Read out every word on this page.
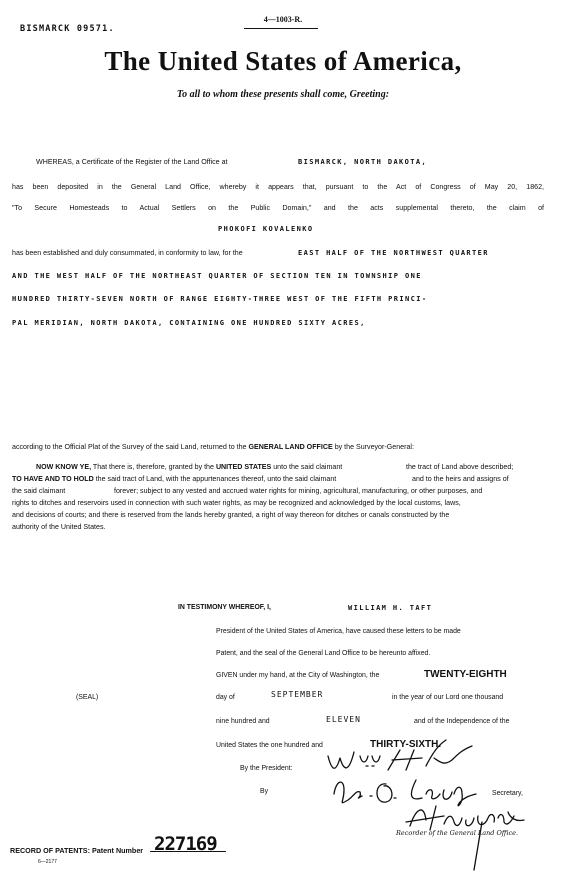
BISMARCK 09571.
4—1003-R.
The United States of America,
To all to whom these presents shall come, Greeting:
WHEREAS, a Certificate of the Register of the Land Office at	BISMARCK, NORTH DAKOTA,
has been deposited in the General Land Office, whereby it appears that, pursuant to the Act of Congress of May 20, 1862,
"To Secure Homesteads to Actual Settlers on the Public Domain," and the acts supplemental thereto, the claim of
PHOKOFI KOVALENKO
has been established and duly consummated, in conformity to law, for the	EAST HALF OF THE NORTHWEST QUARTER
AND THE WEST HALF OF THE NORTHEAST QUARTER OF SECTION TEN IN TOWNSHIP ONE
HUNDRED THIRTY-SEVEN NORTH OF RANGE EIGHTY-THREE WEST OF THE FIFTH PRINCI-
PAL MERIDIAN, NORTH DAKOTA, CONTAINING ONE HUNDRED SIXTY ACRES,
according to the Official Plat of the Survey of the said Land, returned to the GENERAL LAND OFFICE by the Surveyor-General:
NOW KNOW YE, That there is, therefore, granted by the UNITED STATES unto the said claimant	the tract of Land above described;
TO HAVE AND TO HOLD the said tract of Land, with the appurtenances thereof, unto the said claimant	and to the heirs and assigns of
the said claimant	forever; subject to any vested and accrued water rights for mining, agricultural, manufacturing, or other purposes, and
rights to ditches and reservoirs used in connection with such water rights, as may be recognized and acknowledged by the local customs, laws,
and decisions of courts; and there is reserved from the lands hereby granted, a right of way thereon for ditches or canals constructed by the
authority of the United States.
IN TESTIMONY WHEREOF, I,	WILLIAM H. TAFT
President of the United States of America, have caused these letters to be made
Patent, and the seal of the General Land Office to be hereunto affixed.
GIVEN under my hand, at the City of Washington, the	TWENTY-EIGHTH
day of	SEPTEMBER	in the year of our Lord one thousand
nine hundred and	ELEVEN	and of the Independence of the
United States the one hundred and	THIRTY-SIXTH.
By the President:
By	Secretary,
Recorder of the General Land Office.
(SEAL)
RECORD OF PATENTS: Patent Number 227169
6—2177
